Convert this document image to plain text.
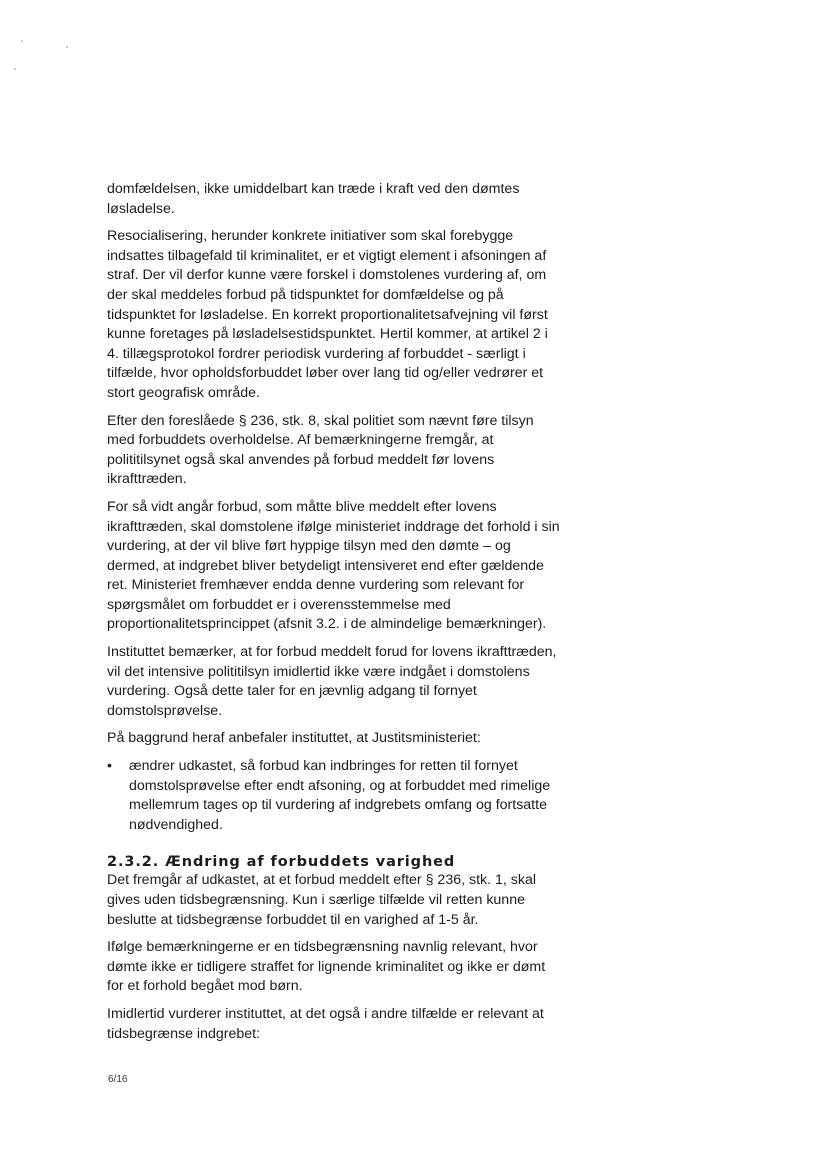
domfældelsen, ikke umiddelbart kan træde i kraft ved den dømtes løsladelse.

Resocialisering, herunder konkrete initiativer som skal forebygge indsattes tilbagefald til kriminalitet, er et vigtigt element i afsoningen af straf. Der vil derfor kunne være forskel i domstolenes vurdering af, om der skal meddeles forbud på tidspunktet for domfældelse og på tidspunktet for løsladelse. En korrekt proportionalitetsafvejning vil først kunne foretages på løsladelsestidspunktet. Hertil kommer, at artikel 2 i 4. tillægsprotokol fordrer periodisk vurdering af forbuddet - særligt i tilfælde, hvor opholdsforbuddet løber over lang tid og/eller vedrører et stort geografisk område.

Efter den foreslåede § 236, stk. 8, skal politiet som nævnt føre tilsyn med forbuddets overholdelse. Af bemærkningerne fremgår, at polititilsynet også skal anvendes på forbud meddelt før lovens ikrafttræden.

For så vidt angår forbud, som måtte blive meddelt efter lovens ikrafttræden, skal domstolene ifølge ministeriet inddrage det forhold i sin vurdering, at der vil blive ført hyppige tilsyn med den dømte – og dermed, at indgrebet bliver betydeligt intensiveret end efter gældende ret. Ministeriet fremhæver endda denne vurdering som relevant for spørgsmålet om forbuddet er i overensstemmelse med proportionalitetsprincippet (afsnit 3.2. i de almindelige bemærkninger).

Instituttet bemærker, at for forbud meddelt forud for lovens ikrafttræden, vil det intensive polititilsyn imidlertid ikke være indgået i domstolens vurdering. Også dette taler for en jævnlig adgang til fornyet domstolsprøvelse.

På baggrund heraf anbefaler instituttet, at Justitsministeriet:

• ændrer udkastet, så forbud kan indbringes for retten til fornyet domstolsprøvelse efter endt afsoning, og at forbuddet med rimelige mellemrum tages op til vurdering af indgrebets omfang og fortsatte nødvendighed.
2.3.2. Ændring af forbuddets varighed

Det fremgår af udkastet, at et forbud meddelt efter § 236, stk. 1, skal gives uden tidsbegrænsning. Kun i særlige tilfælde vil retten kunne beslutte at tidsbegrænse forbuddet til en varighed af 1-5 år.

Ifølge bemærkningerne er en tidsbegrænsning navnlig relevant, hvor dømte ikke er tidligere straffet for lignende kriminalitet og ikke er dømt for et forhold begået mod børn.

Imidlertid vurderer instituttet, at det også i andre tilfælde er relevant at tidsbegrænse indgrebet:

6/16
